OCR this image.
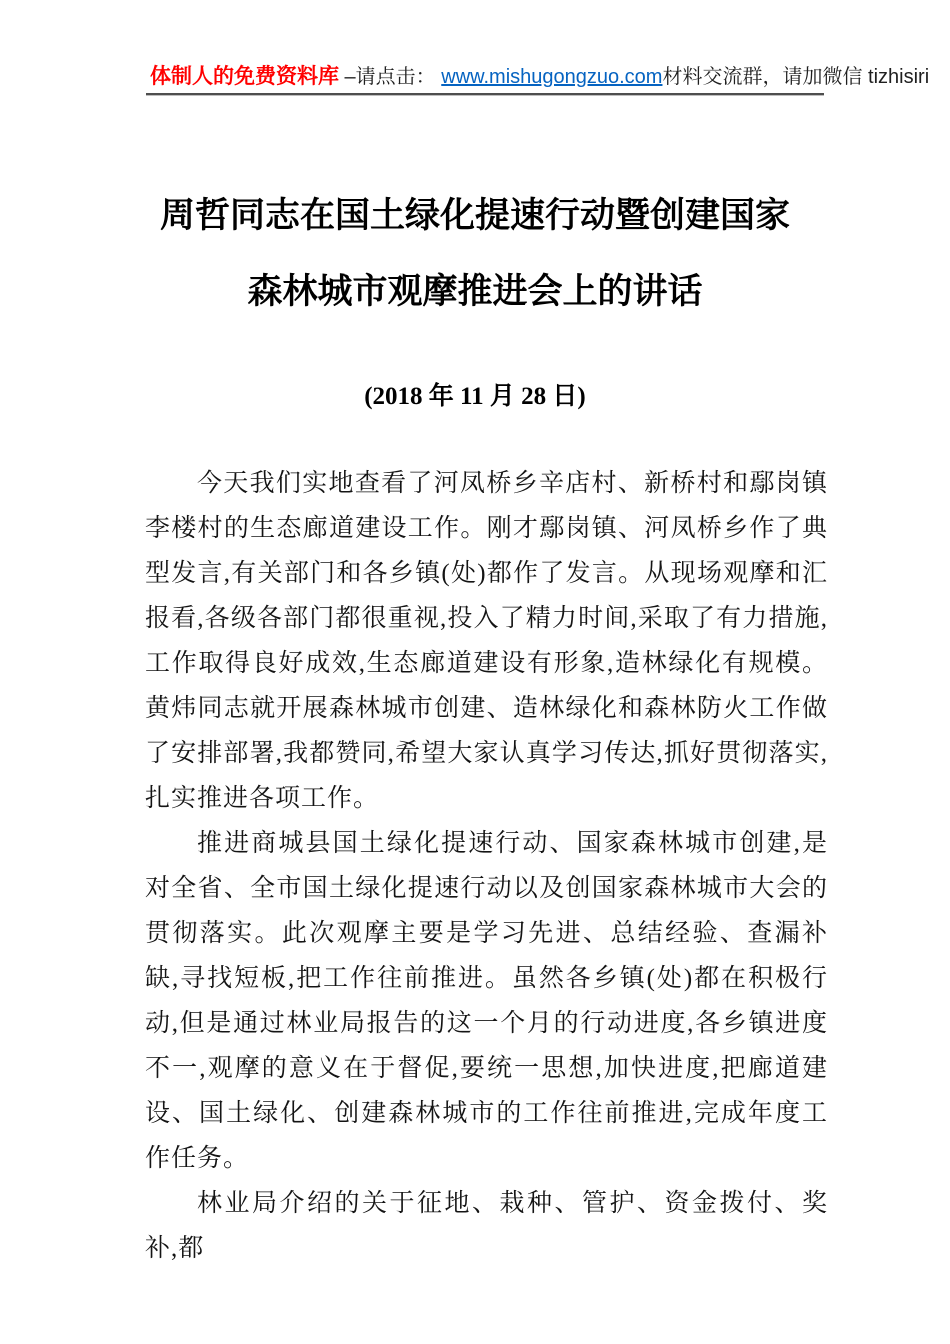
体制人的免费资料库 –请点击： www.mishugongzuo.com材料交流群，请加微信 tizhisiri
周哲同志在国土绿化提速行动暨创建国家
森林城市观摩推进会上的讲话
(2018 年 11 月 28 日)

今天我们实地查看了河凤桥乡辛店村、新桥村和鄢岗镇李楼村的生态廊道建设工作。刚才鄢岗镇、河凤桥乡作了典型发言,有关部门和各乡镇(处)都作了发言。从现场观摩和汇报看,各级各部门都很重视,投入了精力时间,采取了有力措施,工作取得良好成效,生态廊道建设有形象,造林绿化有规模。黄炜同志就开展森林城市创建、造林绿化和森林防火工作做了安排部署,我都赞同,希望大家认真学习传达,抓好贯彻落实,扎实推进各项工作。

推进商城县国土绿化提速行动、国家森林城市创建,是对全省、全市国土绿化提速行动以及创国家森林城市大会的贯彻落实。此次观摩主要是学习先进、总结经验、查漏补缺,寻找短板,把工作往前推进。虽然各乡镇(处)都在积极行动,但是通过林业局报告的这一个月的行动进度,各乡镇进度不一,观摩的意义在于督促,要统一思想,加快进度,把廊道建设、国土绿化、创建森林城市的工作往前推进,完成年度工作任务。

林业局介绍的关于征地、栽种、管护、资金拨付、奖补,都
